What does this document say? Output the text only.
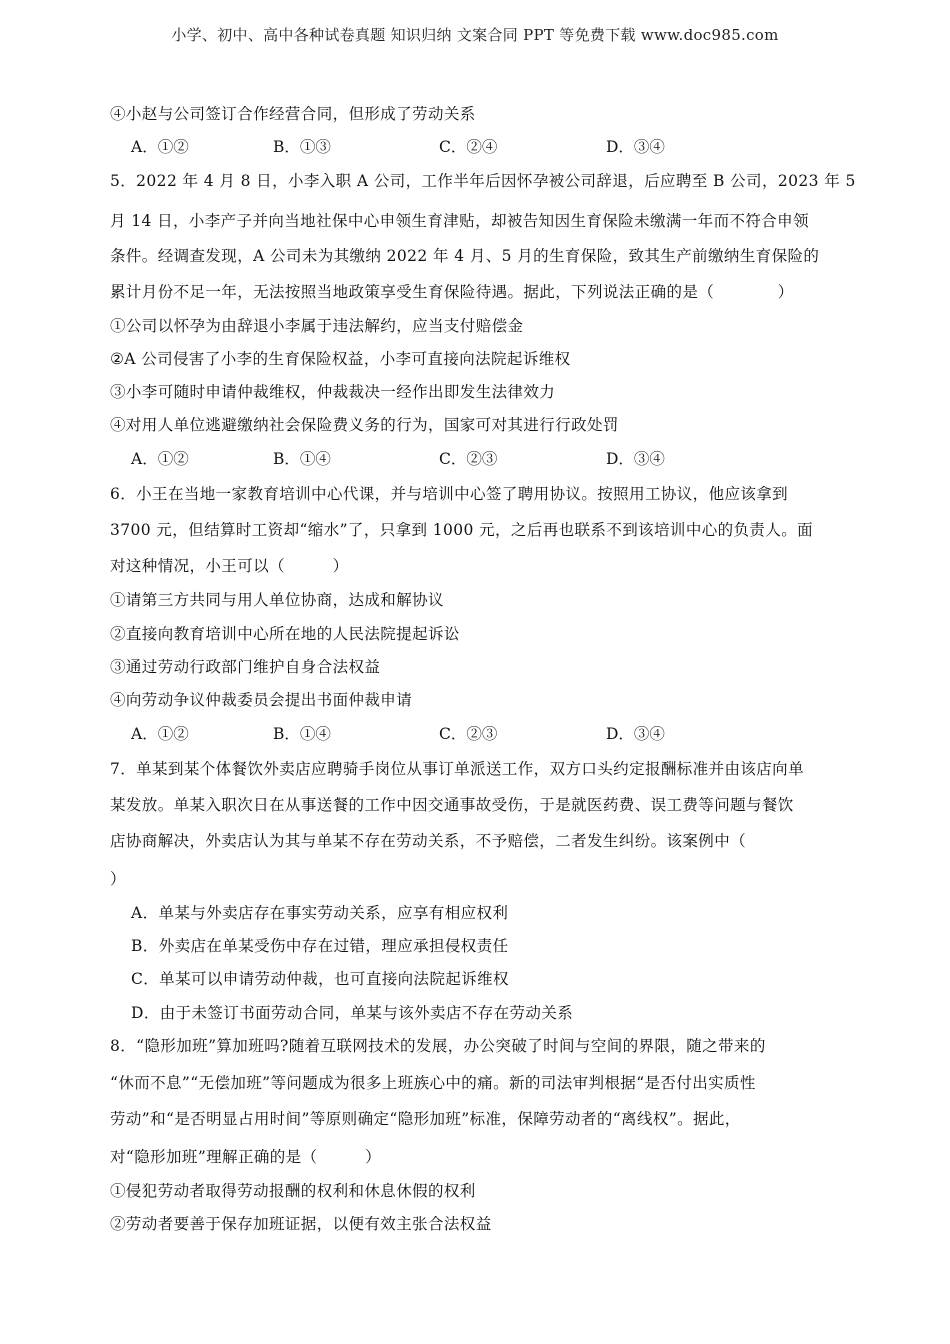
小学、初中、高中各种试卷真题 知识归纳 文案合同 PPT 等免费下载 www.doc985.com
④小赵与公司签订合作经营合同，但形成了劳动关系
A．①②	B．①③	C．②④	D．③④
5．2022 年 4 月 8 日，小李入职 A 公司，工作半年后因怀孕被公司辞退，后应聘至 B 公司，2023 年 5
月 14 日，小李产子并向当地社保中心申领生育津贴，却被告知因生育保险未缴满一年而不符合申领
条件。经调查发现，A 公司未为其缴纳 2022 年 4 月、5 月的生育保险，致其生产前缴纳生育保险的
累计月份不足一年，无法按照当地政策享受生育保险待遇。据此，下列说法正确的是（　　　　）
①公司以怀孕为由辞退小李属于违法解约，应当支付赔偿金
②A 公司侵害了小李的生育保险权益，小李可直接向法院起诉维权
③小李可随时申请仲裁维权，仲裁裁决一经作出即发生法律效力
④对用人单位逃避缴纳社会保险费义务的行为，国家可对其进行行政处罚
A．①②	B．①④	C．②③	D．③④
6．小王在当地一家教育培训中心代课，并与培训中心签了聘用协议。按照用工协议，他应该拿到
3700 元，但结算时工资却“缩水”了，只拿到 1000 元，之后再也联系不到该培训中心的负责人。面
对这种情况，小王可以（　　　）
①请第三方共同与用人单位协商，达成和解协议
②直接向教育培训中心所在地的人民法院提起诉讼
③通过劳动行政部门维护自身合法权益
④向劳动争议仲裁委员会提出书面仲裁申请
A．①②	B．①④	C．②③	D．③④
7．单某到某个体餐饮外卖店应聘骑手岗位从事订单派送工作，双方口头约定报酬标准并由该店向单
某发放。单某入职次日在从事送餐的工作中因交通事故受伤，于是就医药费、误工费等问题与餐饮
店协商解决，外卖店认为其与单某不存在劳动关系，不予赔偿，二者发生纠纷。该案例中（
）
A．单某与外卖店存在事实劳动关系，应享有相应权利
B．外卖店在单某受伤中存在过错，理应承担侵权责任
C．单某可以申请劳动仲裁，也可直接向法院起诉维权
D．由于未签订书面劳动合同，单某与该外卖店不存在劳动关系
8．“隐形加班”算加班吗?随着互联网技术的发展，办公突破了时间与空间的界限，随之带来的
“休而不息”“无偿加班”等问题成为很多上班族心中的痛。新的司法审判根据“是否付出实质性
劳动”和“是否明显占用时间”等原则确定“隐形加班”标准，保障劳动者的“离线权”。据此，
对“隐形加班”理解正确的是（　　　）
①侵犯劳动者取得劳动报酬的权利和休息休假的权利
②劳动者要善于保存加班证据，以便有效主张合法权益
